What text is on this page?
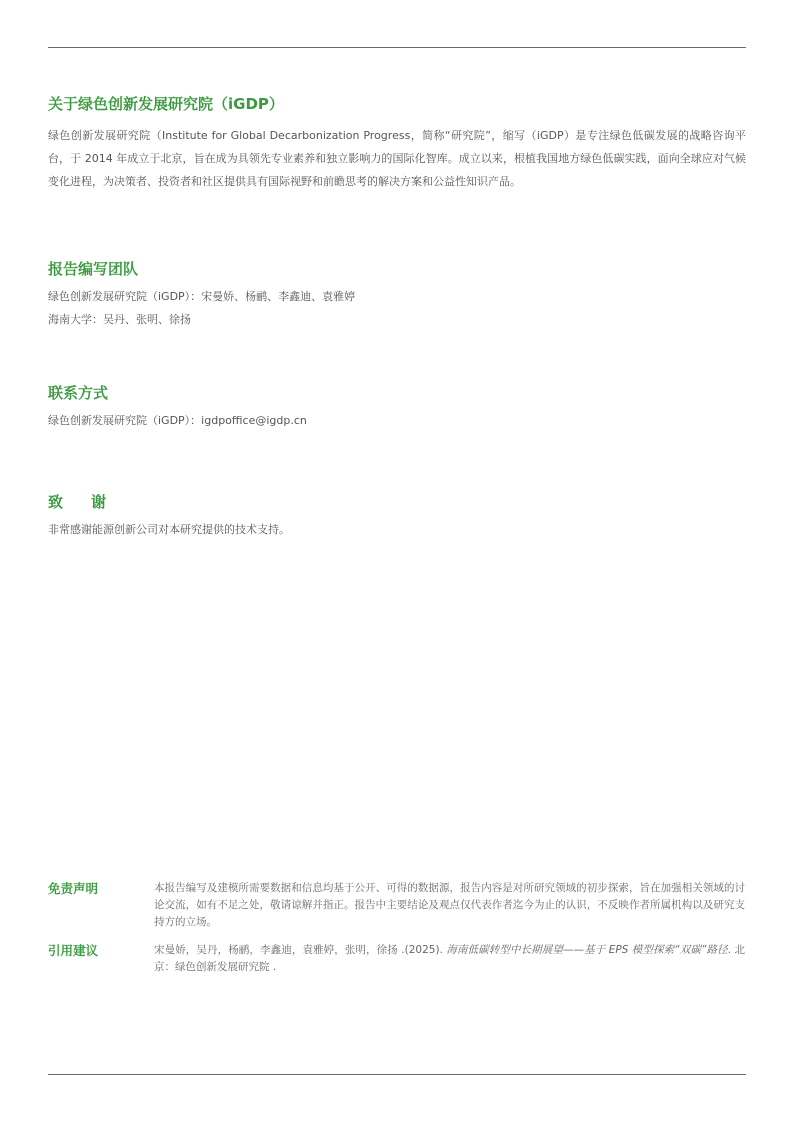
关于绿色创新发展研究院（iGDP）

绿色创新发展研究院（Institute for Global Decarbonization Progress，简称“研究院”，缩写（iGDP）是专注绿色低碳发展的战略咨询平台，于 2014 年成立于北京，旨在成为具领先专业素养和独立影响力的国际化智库。成立以来，根植我国地方绿色低碳实践，面向全球应对气候变化进程，为决策者、投资者和社区提供具有国际视野和前瞻思考的解决方案和公益性知识产品。

报告编写团队
绿色创新发展研究院（iGDP）：宋曼娇、杨鹂、李鑫迪、袁雅婷
海南大学：吴丹、张明、徐扬
联系方式
绿色创新发展研究院（iGDP）：igdpoffice@igdp.cn
致谢
非常感谢能源创新公司对本研究提供的技术支持。
免责声明	本报告编写及建模所需要数据和信息均基于公开、可得的数据源，报告内容是对所研究领域的初步探索，旨在加强相关领域的讨论交流，如有不足之处，敬请谅解并指正。报告中主要结论及观点仅代表作者迄今为止的认识，不反映作者所属机构以及研究支持方的立场。
引用建议	宋曼娇，吴丹，杨鹂，李鑫迪，袁雅婷，张明，徐扬 .(2025). 海南低碳转型中长期展望——基于 EPS 模型探索“双碳”路径. 北京：绿色创新发展研究院 .
